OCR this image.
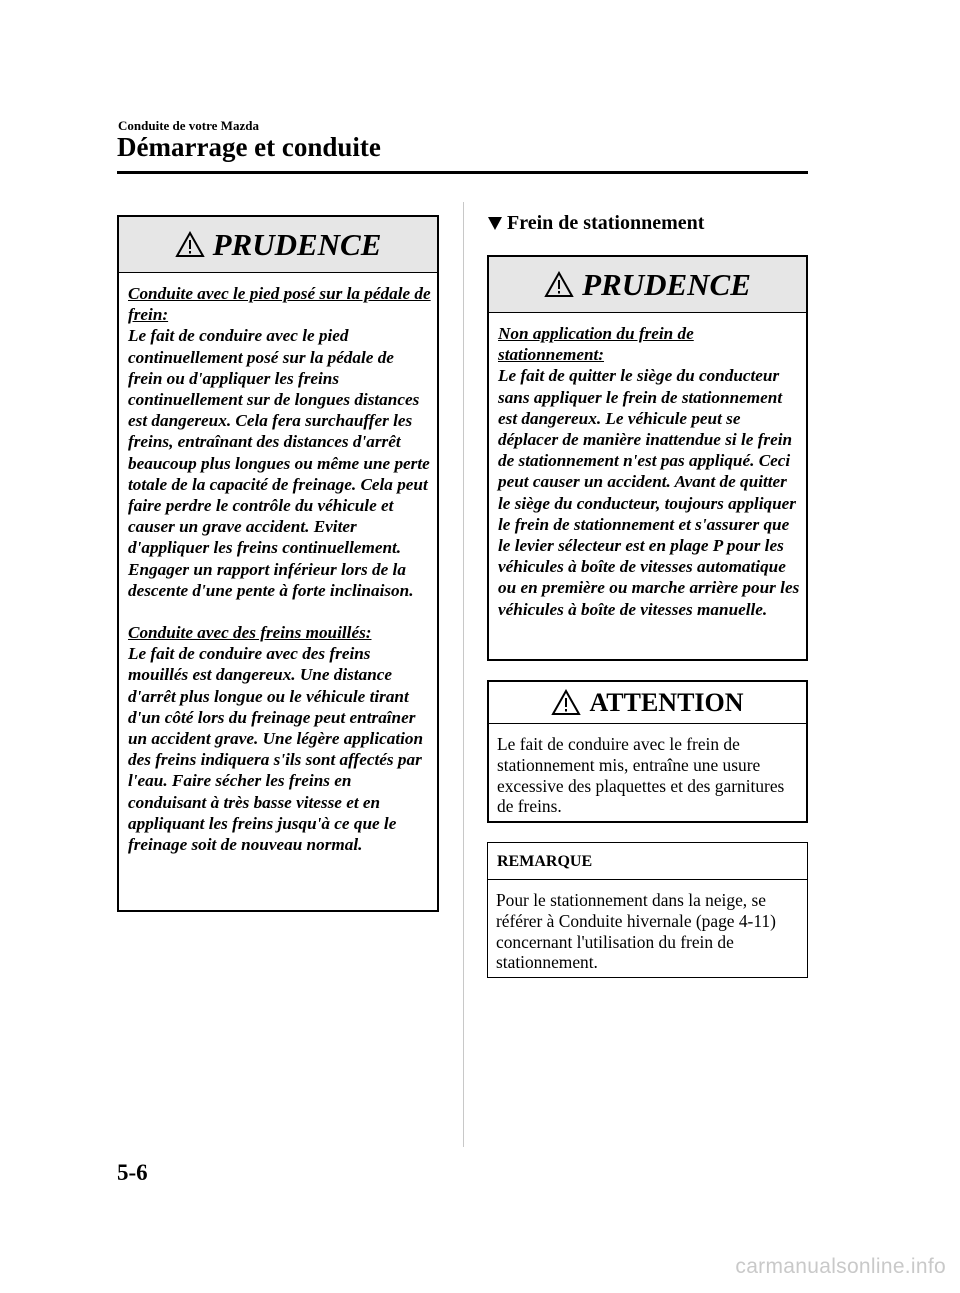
Conduite de votre Mazda
Démarrage et conduite
PRUDENCE
Conduite avec le pied posé sur la pédale de frein:
Le fait de conduire avec le pied continuellement posé sur la pédale de frein ou d'appliquer les freins continuellement sur de longues distances est dangereux. Cela fera surchauffer les freins, entraînant des distances d'arrêt beaucoup plus longues ou même une perte totale de la capacité de freinage. Cela peut faire perdre le contrôle du véhicule et causer un grave accident. Eviter d'appliquer les freins continuellement. Engager un rapport inférieur lors de la descente d'une pente à forte inclinaison.
Conduite avec des freins mouillés:
Le fait de conduire avec des freins mouillés est dangereux. Une distance d'arrêt plus longue ou le véhicule tirant d'un côté lors du freinage peut entraîner un accident grave. Une légère application des freins indiquera s'ils sont affectés par l'eau. Faire sécher les freins en conduisant à très basse vitesse et en appliquant les freins jusqu'à ce que le freinage soit de nouveau normal.
Frein de stationnement
PRUDENCE
Non application du frein de stationnement:
Le fait de quitter le siège du conducteur sans appliquer le frein de stationnement est dangereux. Le véhicule peut se déplacer de manière inattendue si le frein de stationnement n'est pas appliqué. Ceci peut causer un accident. Avant de quitter le siège du conducteur, toujours appliquer le frein de stationnement et s'assurer que le levier sélecteur est en plage P pour les véhicules à boîte de vitesses automatique ou en première ou marche arrière pour les véhicules à boîte de vitesses manuelle.
ATTENTION
Le fait de conduire avec le frein de stationnement mis, entraîne une usure excessive des plaquettes et des garnitures de freins.
REMARQUE
Pour le stationnement dans la neige, se référer à Conduite hivernale (page 4-11) concernant l'utilisation du frein de stationnement.
5-6
carmanualsonline.info
